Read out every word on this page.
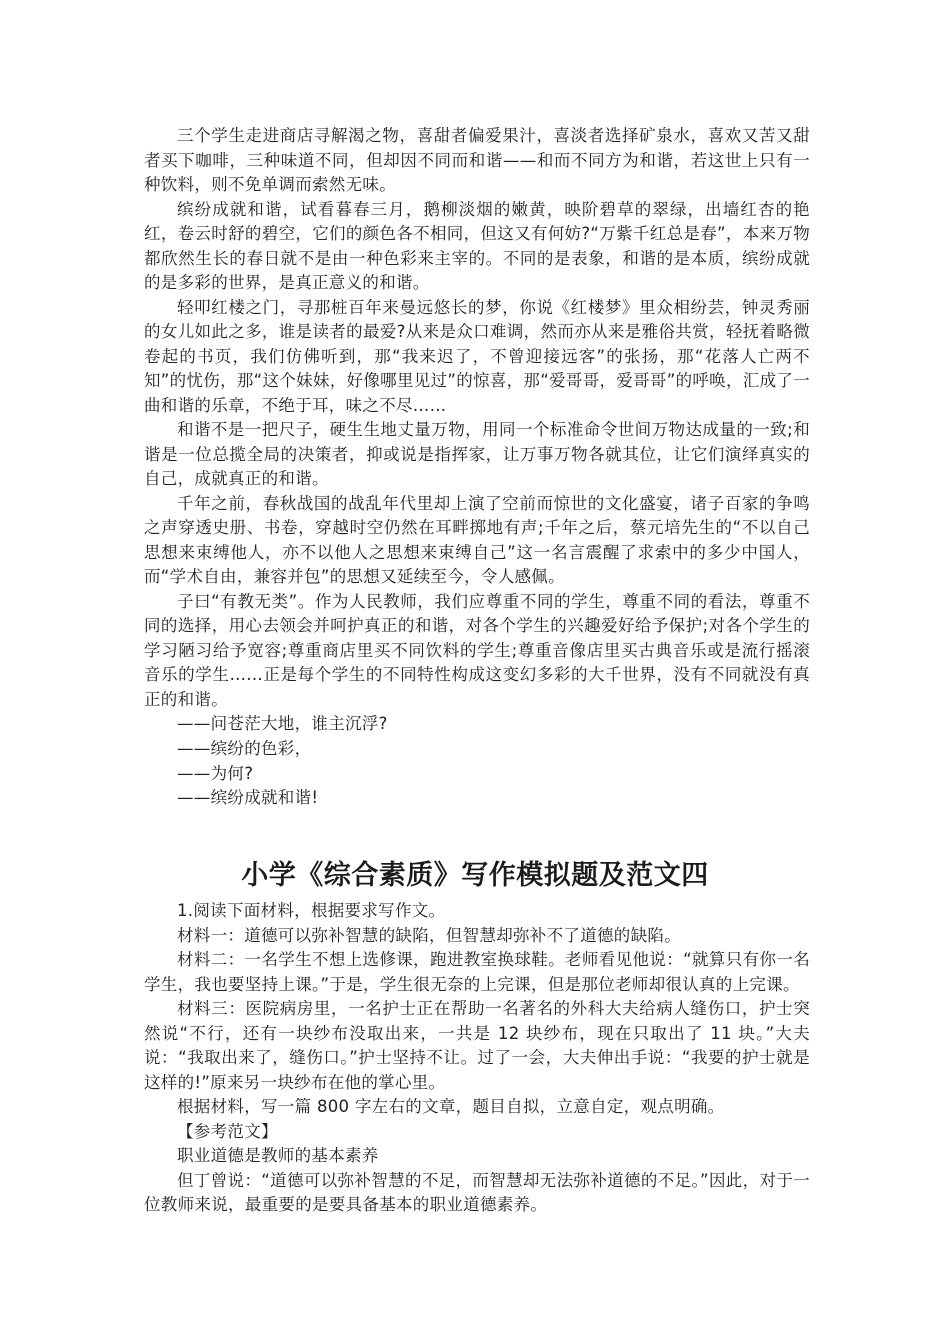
三个学生走进商店寻解渴之物，喜甜者偏爱果汁，喜淡者选择矿泉水，喜欢又苦又甜者买下咖啡，三种味道不同，但却因不同而和谐——和而不同方为和谐，若这世上只有一种饮料，则不免单调而索然无味。

缤纷成就和谐，试看暮春三月，鹅柳淡烟的嫩黄，映阶碧草的翠绿，出墙红杏的艳红，卷云时舒的碧空，它们的颜色各不相同，但这又有何妨?“万紫千红总是春”，本来万物都欣然生长的春日就不是由一种色彩来主宰的。不同的是表象，和谐的是本质，缤纷成就的是多彩的世界，是真正意义的和谐。

轻叩红楼之门，寻那桩百年来曼远悠长的梦，你说《红楼梦》里众相纷芸，钟灵秀丽的女儿如此之多，谁是读者的最爱?从来是众口难调，然而亦从来是雅俗共赏，轻抚着略微卷起的书页，我们仿佛听到，那“我来迟了，不曾迎接远客”的张扬，那“花落人亡两不知”的忧伤，那“这个妹妹，好像哪里见过”的惊喜，那“爱哥哥，爱哥哥”的呼唤，汇成了一曲和谐的乐章，不绝于耳，味之不尽……

和谐不是一把尺子，硬生生地丈量万物，用同一个标准命令世间万物达成量的一致;和谐是一位总揽全局的决策者，抑或说是指挥家，让万事万物各就其位，让它们演绎真实的自己，成就真正的和谐。

千年之前，春秋战国的战乱年代里却上演了空前而惊世的文化盛宴，诸子百家的争鸣之声穿透史册、书卷，穿越时空仍然在耳畔掷地有声;千年之后，蔡元培先生的“不以自己思想来束缚他人，亦不以他人之思想来束缚自己”这一名言震醒了求索中的多少中国人，而“学术自由，兼容并包”的思想又延续至今，令人感佩。

子曰“有教无类”。作为人民教师，我们应尊重不同的学生，尊重不同的看法，尊重不同的选择，用心去领会并呵护真正的和谐，对各个学生的兴趣爱好给予保护;对各个学生的学习陋习给予宽容;尊重商店里买不同饮料的学生;尊重音像店里买古典音乐或是流行摇滚音乐的学生……正是每个学生的不同特性构成这变幻多彩的大千世界，没有不同就没有真正的和谐。

——问苍茫大地，谁主沉浮?
——缤纷的色彩，
——为何?
——缤纷成就和谐!
小学《综合素质》写作模拟题及范文四

1.阅读下面材料，根据要求写作文。

材料一：道德可以弥补智慧的缺陷，但智慧却弥补不了道德的缺陷。

材料二：一名学生不想上选修课，跑进教室换球鞋。老师看见他说：“就算只有你一名学生，我也要坚持上课。”于是，学生很无奈的上完课，但是那位老师却很认真的上完课。

材料三：医院病房里，一名护士正在帮助一名著名的外科大夫给病人缝伤口，护士突然说“不行，还有一块纱布没取出来，一共是 12 块纱布，现在只取出了 11 块。”大夫说：“我取出来了，缝伤口。”护士坚持不让。过了一会，大夫伸出手说：“我要的护士就是这样的!”原来另一块纱布在他的掌心里。

根据材料，写一篇 800 字左右的文章，题目自拟，立意自定，观点明确。

【参考范文】

职业道德是教师的基本素养

但丁曾说：“道德可以弥补智慧的不足，而智慧却无法弥补道德的不足。”因此，对于一位教师来说，最重要的是要具备基本的职业道德素养。
